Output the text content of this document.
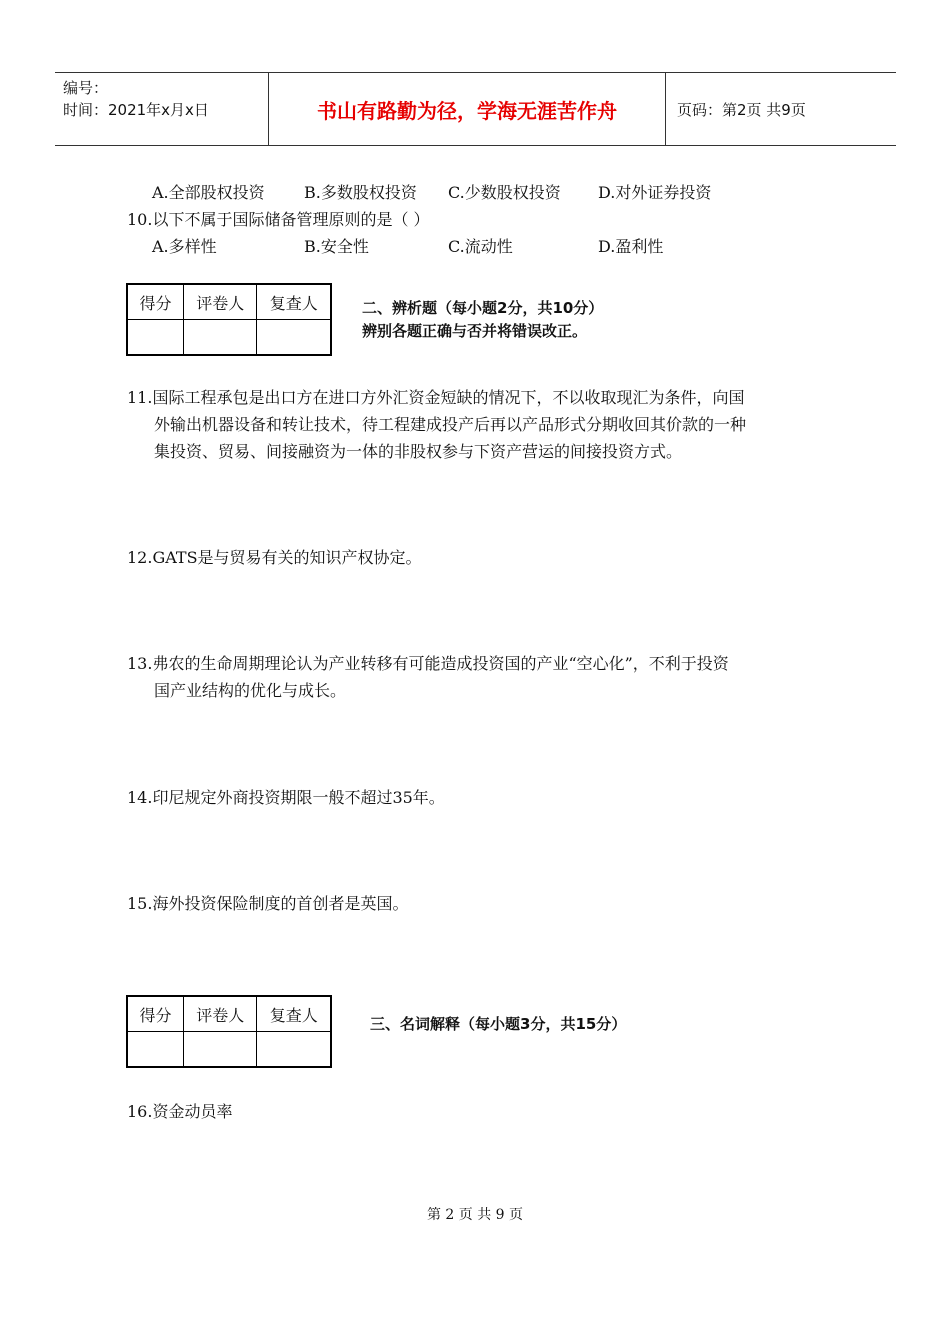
编号：
时间：2021年x月x日	书山有路勤为径，学海无涯苦作舟	页码：第2页 共9页
A.全部股权投资 B.多数股权投资 C.少数股权投资 D.对外证券投资
10.以下不属于国际储备管理原则的是（ ）
A.多样性	B.安全性	C.流动性	D.盈利性
得分	评卷人	复查人
			二、辨析题（每小题2分，共10分）
辨别各题正确与否并将错误改正。
11.国际工程承包是出口方在进口方外汇资金短缺的情况下，不以收取现汇为条件，向国
外输出机器设备和转让技术，待工程建成投产后再以产品形式分期收回其价款的一种
集投资、贸易、间接融资为一体的非股权参与下资产营运的间接投资方式。
12.GATS是与贸易有关的知识产权协定。
13.弗农的生命周期理论认为产业转移有可能造成投资国的产业“空心化”，不利于投资
国产业结构的优化与成长。
14.印尼规定外商投资期限一般不超过35年。
15.海外投资保险制度的首创者是英国。
得分	评卷人	复查人
			三、名词解释（每小题3分，共15分）
16.资金动员率
第 2 页 共 9 页
